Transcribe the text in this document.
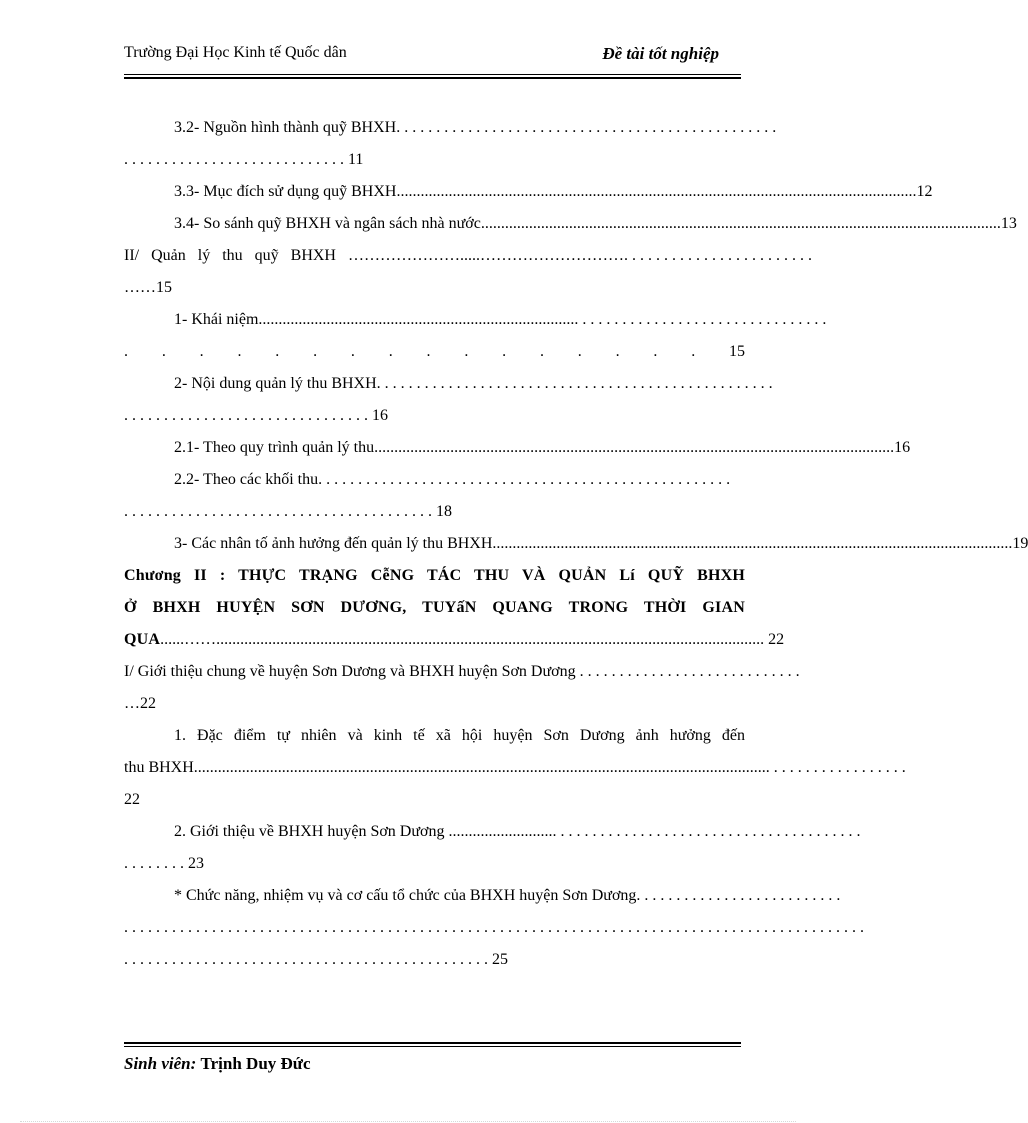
Trường Đại Học Kinh tế Quốc dân	Đề tài tốt nghiệp
3.2- Nguồn hình thành quỹ BHXH . . . . . . . . . . . . . . . . . . . . . . . . . . . . . . . . . . . . . . . . . . . . . . . .
. . . . . . . . . . . . . . . . . . . . . . . . . . . . 11
3.3- Mục đích sử dụng quỹ BHXH .................................................................................................................................. 12
3.4- So sánh quỹ BHXH và ngân sách nhà nước .................................................................................................................................. 13
II/ Quản lý thu quỹ BHXH ………………….....………………………. . . . . . . . . . . . . . . . . . . . . . . .
……15
1- Khái niệm ................................................................................ . . . . . . . . . . . . . . . . . . . . . . . . . . . . . . .
. . . . . . . . . . . . . . . . 15
2- Nội dung quản lý thu BHXH . . . . . . . . . . . . . . . . . . . . . . . . . . . . . . . . . . . . . . . . . . . . . . . . . .
. . . . . . . . . . . . . . . . . . . . . . . . . . . . . . . 16
2.1- Theo quy trình quản lý thu .................................................................................................................................. 16
2.2- Theo các khối thu . . . . . . . . . . . . . . . . . . . . . . . . . . . . . . . . . . . . . . . . . . . . . . . . . . . .
. . . . . . . . . . . . . . . . . . . . . . . . . . . . . . . . . . . . . . . 18
3- Các nhân tố ảnh hưởng đến quản lý thu BHXH .................................................................................................................................. 19
Chương II : THỰC TRẠNG CễNG TÁC THU VÀ QUẢN Lí QUỸ BHXH
Ở BHXH HUYỆN SƠN DƯƠNG, TUYấN QUANG TRONG THỜI GIAN
QUA ......……......................................................................................................................................... 22
I/ Giới thiệu chung về huyện Sơn Dương và BHXH huyện Sơn Dương . . . . . . . . . . . . . . . . . . . . . . . . . . . .
…22
1. Đặc điểm tự nhiên và kinh tế xã hội huyện Sơn Dương ảnh hưởng đến
thu BHXH ................................................................................................................................................ . . . . . . . . . . . . . . . . .
22
2. Giới thiệu về BHXH huyện Sơn Dương ........................... . . . . . . . . . . . . . . . . . . . . . . . . . . . . . . . . . . . . . .
. . . . . . . . 23
* Chức năng, nhiệm vụ và cơ cấu tổ chức của BHXH huyện Sơn Dương . . . . . . . . . . . . . . . . . . . . . . . . . .
. . . . . . . . . . . . . . . . . . . . . . . . . . . . . . . . . . . . . . . . . . . . . . . . . . . . . . . . . . . . . . . . . . . . . . . . . . . . . . . . . . . . . . . . . . . . .
. . . . . . . . . . . . . . . . . . . . . . . . . . . . . . . . . . . . . . . . . . . . . . 25
Sinh viên: Trịnh Duy Đức
